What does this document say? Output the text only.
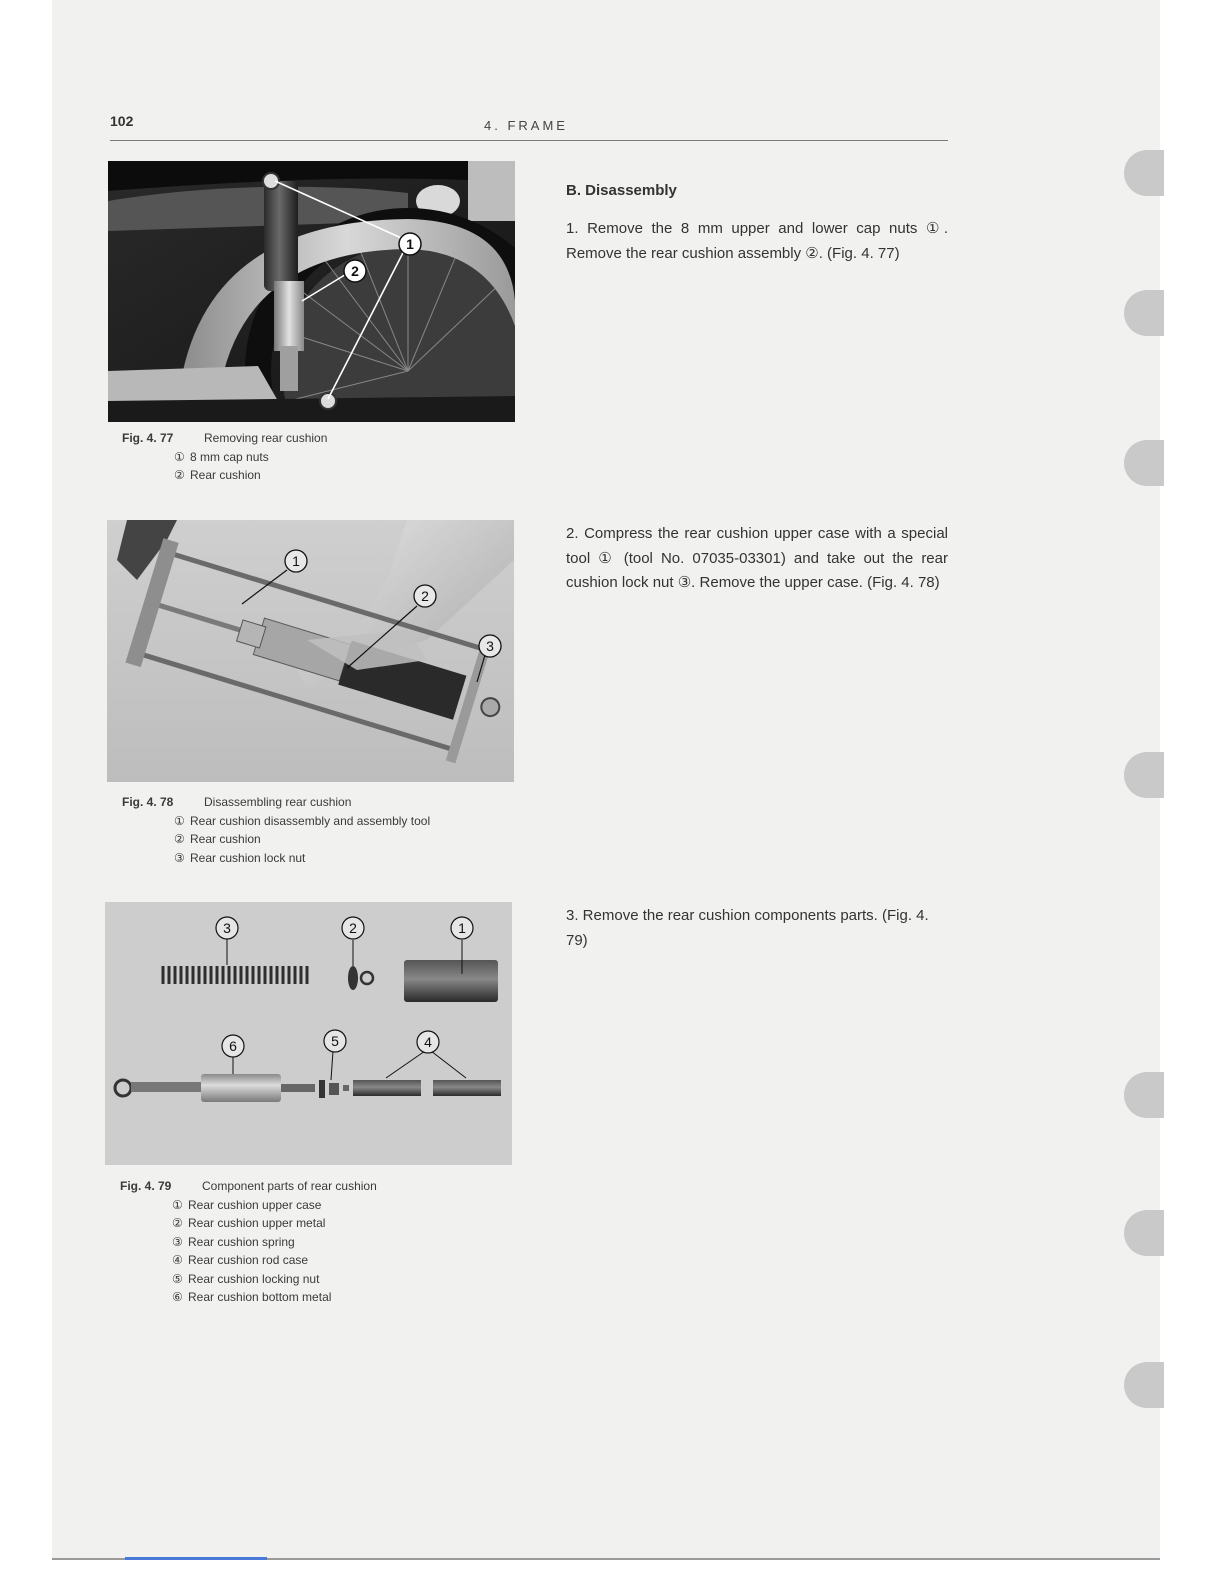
102	4. FRAME
1
2
Fig. 4. 77	Removing rear cushion
① 8 mm cap nuts
② Rear cushion
1
2
3
Fig. 4. 78	Disassembling rear cushion
① Rear cushion disassembly and assembly tool
② Rear cushion
③ Rear cushion lock nut
3	2	1
6	5	4
Fig. 4. 79	Component parts of rear cushion
① Rear cushion upper case
② Rear cushion upper metal
③ Rear cushion spring
④ Rear cushion rod case
⑤ Rear cushion locking nut
⑥ Rear cushion bottom metal
B. Disassembly
1. Remove the 8 mm upper and lower cap nuts ①. Remove the rear cushion assembly ②. (Fig. 4. 77)
2. Compress the rear cushion upper case with a special tool ① (tool No. 07035-03301) and take out the rear cushion lock nut ③. Remove the upper case. (Fig. 4. 78)
3. Remove the rear cushion components parts. (Fig. 4. 79)
